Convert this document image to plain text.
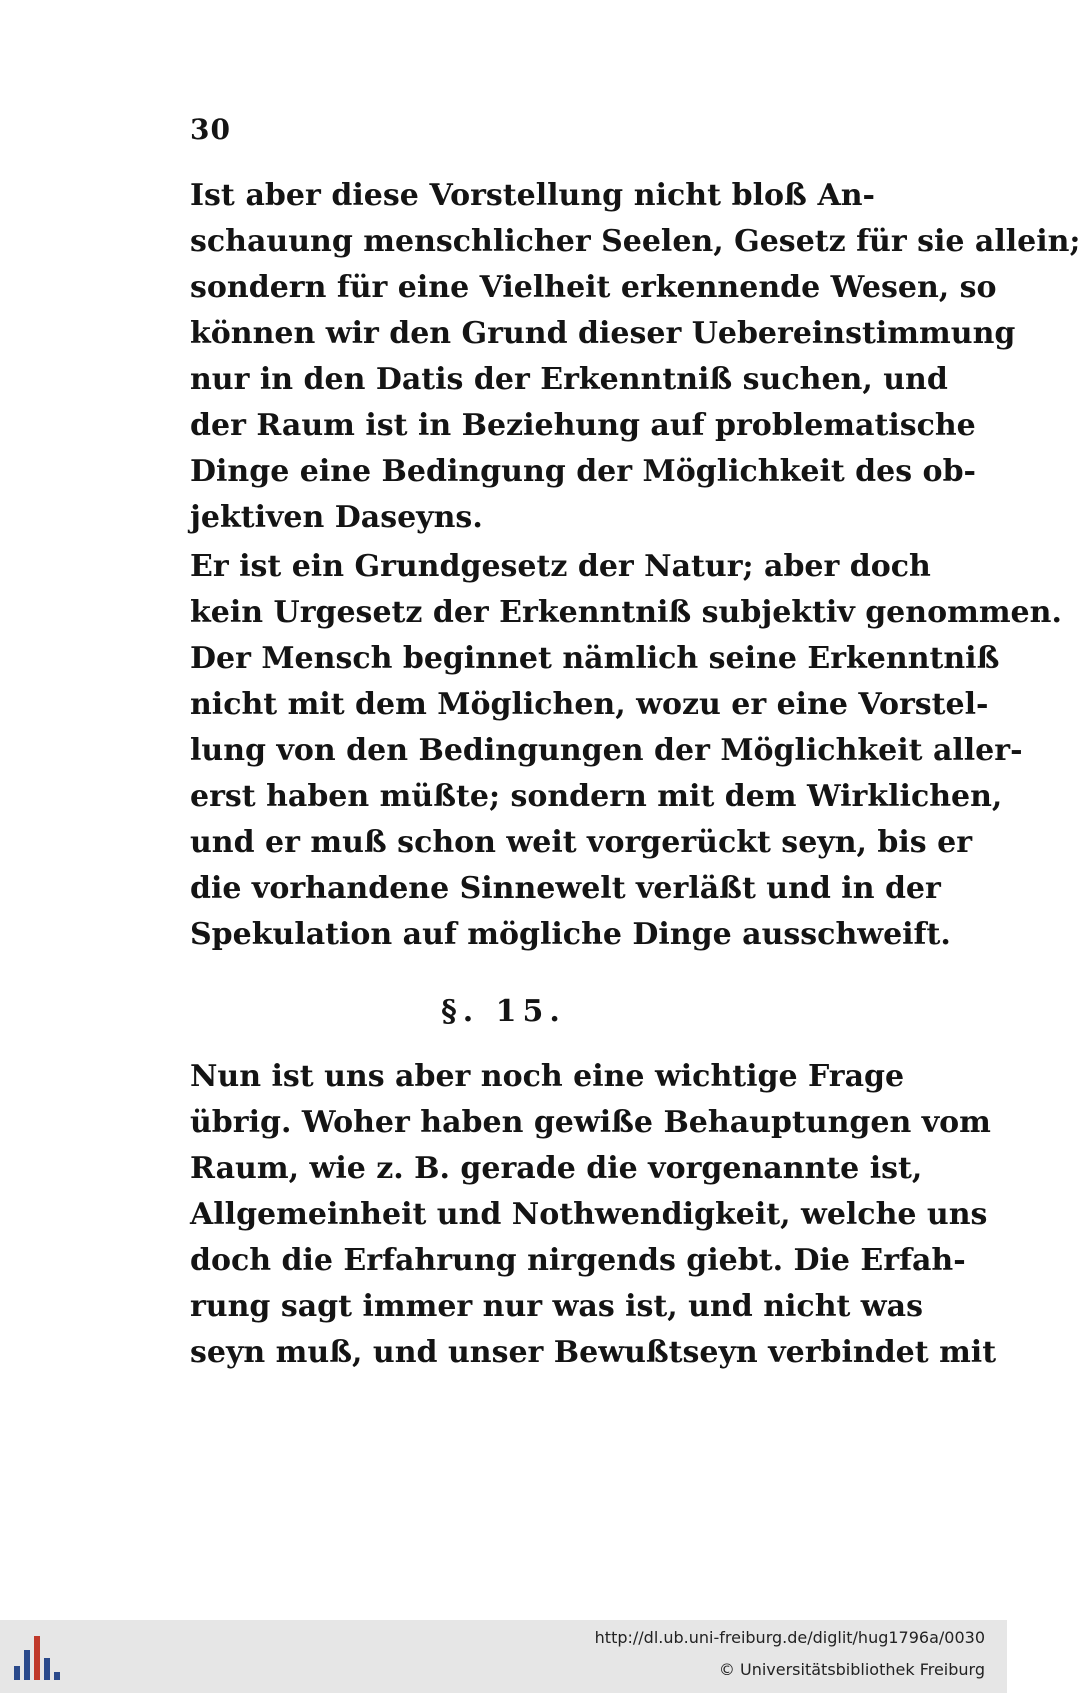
30
Ist aber diese Vorstellung nicht bloß An-
schauung menschlicher Seelen, Gesetz für sie allein;
sondern für eine Vielheit erkennende Wesen, so
können wir den Grund dieser Uebereinstimmung
nur in den Datis der Erkenntniß suchen, und
der Raum ist in Beziehung auf problematische
Dinge eine Bedingung der Möglichkeit des ob-
jektiven Daseyns.
Er ist ein Grundgesetz der Natur; aber doch
kein Urgesetz der Erkenntniß subjektiv genommen.
Der Mensch beginnet nämlich seine Erkenntniß
nicht mit dem Möglichen, wozu er eine Vorstel-
lung von den Bedingungen der Möglichkeit aller-
erst haben müßte; sondern mit dem Wirklichen,
und er muß schon weit vorgerückt seyn, bis er
die vorhandene Sinnewelt verläßt und in der
Spekulation auf mögliche Dinge ausschweift.
§. 15.
Nun ist uns aber noch eine wichtige Frage
übrig. Woher haben gewiße Behauptungen vom
Raum, wie z. B. gerade die vorgenannte ist,
Allgemeinheit und Nothwendigkeit, welche uns
doch die Erfahrung nirgends giebt. Die Erfah-
rung sagt immer nur was ist, und nicht was
seyn muß, und unser Bewußtseyn verbindet mit
http://dl.ub.uni-freiburg.de/diglit/hug1796a/0030
© Universitätsbibliothek Freiburg
